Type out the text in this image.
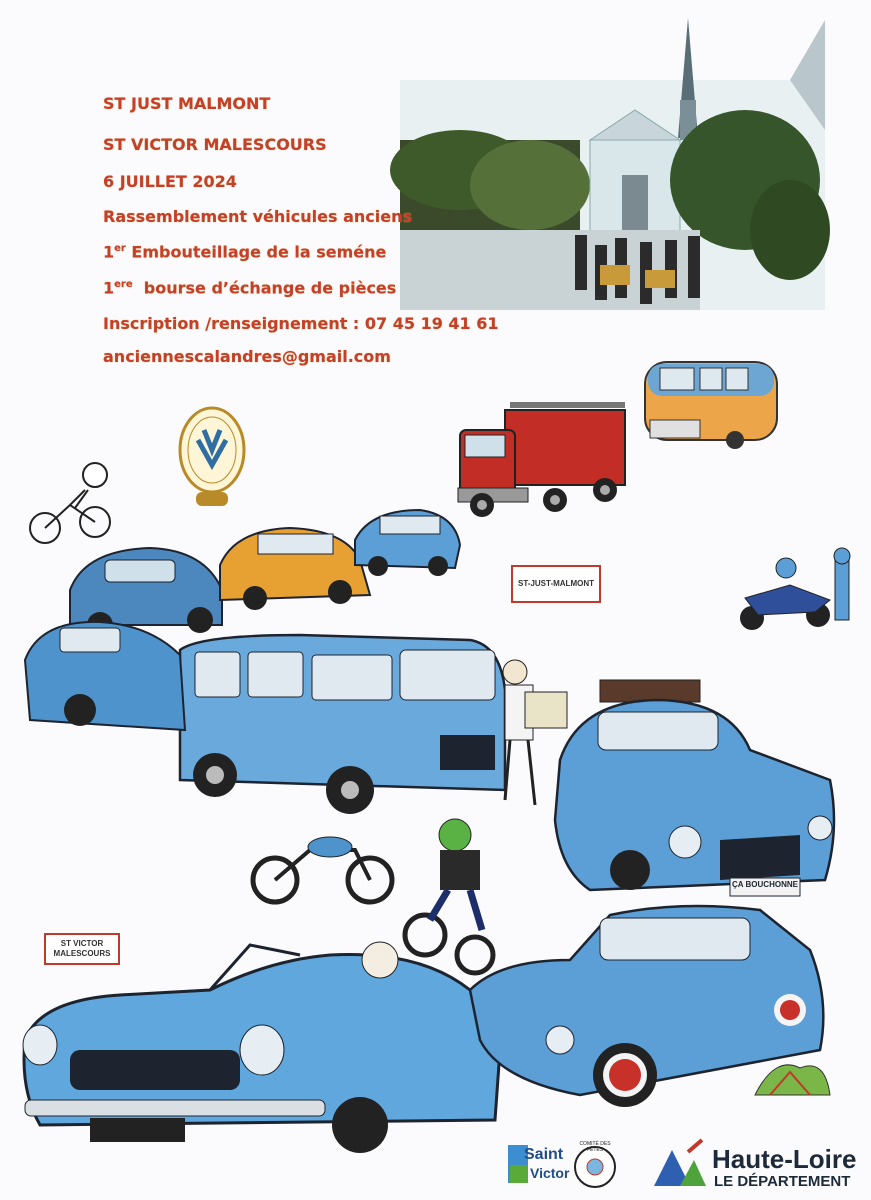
ST JUST MALMONT
ST VICTOR MALESCOURS
6 JUILLET 2024
Rassemblement véhicules anciens
1er Embouteillage de la seméne
1ere  bourse d’échange de pièces
Inscription /renseignement : 07 45 19 41 61
anciennescalandres@gmail.com
ST-JUST-MALMONT
ST VICTOR
MALESCOURS
ÇA BOUCHONNE
Saint
Victor
COMITÉ DES FÊTES	Haute-Loire
LE DÉPARTEMENT
